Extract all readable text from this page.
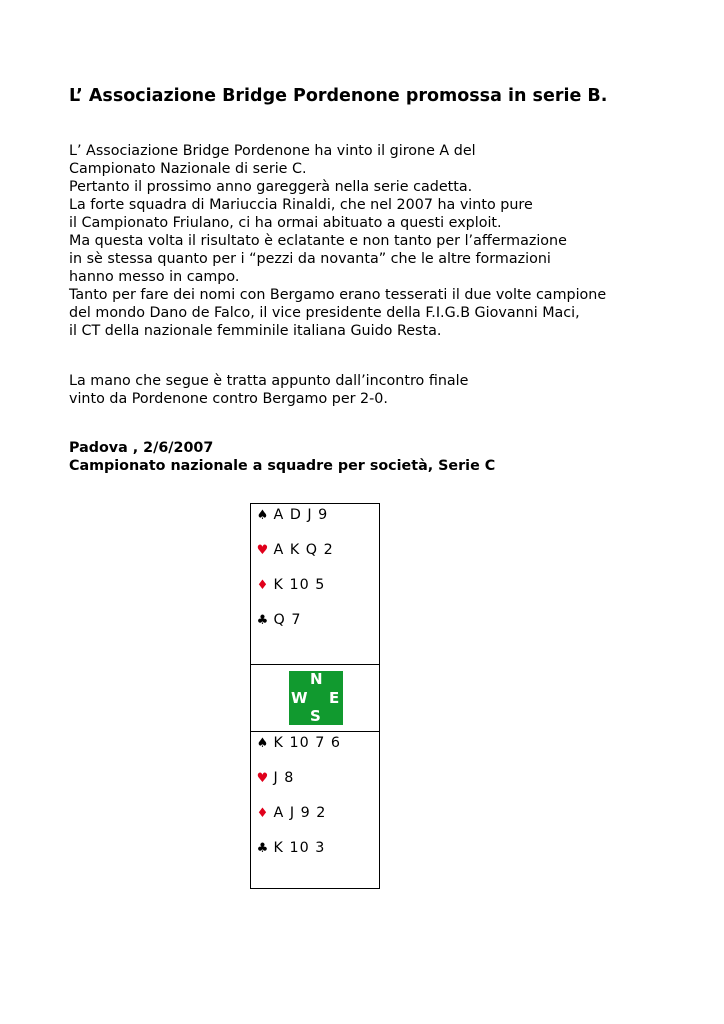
L’ Associazione Bridge Pordenone promossa in serie B.
L’ Associazione Bridge Pordenone ha vinto il girone A del
Campionato Nazionale di serie C.
Pertanto il prossimo anno gareggerà nella serie cadetta.
La forte squadra di Mariuccia Rinaldi, che nel 2007 ha vinto pure
il Campionato Friulano, ci ha ormai abituato a questi exploit.
Ma questa volta il risultato è eclatante e non tanto per l’affermazione
in sè stessa quanto per i “pezzi da novanta” che le altre formazioni
hanno messo in campo.
Tanto per fare dei nomi con Bergamo erano tesserati il due volte campione
del mondo Dano de Falco, il vice presidente della F.I.G.B Giovanni Maci,
il CT della nazionale femminile italiana Guido Resta.
La mano che segue è tratta appunto dall’incontro finale
vinto da Pordenone contro Bergamo per 2-0.
Padova , 2/6/2007
Campionato nazionale a squadre per società, Serie C
♠ A D J 9
♥ A K Q 2
♦ K 10 5
♣ Q 7
N
W E
S
♠ K 10 7 6
♥ J 8
♦ A J 9 2
♣ K 10 3
